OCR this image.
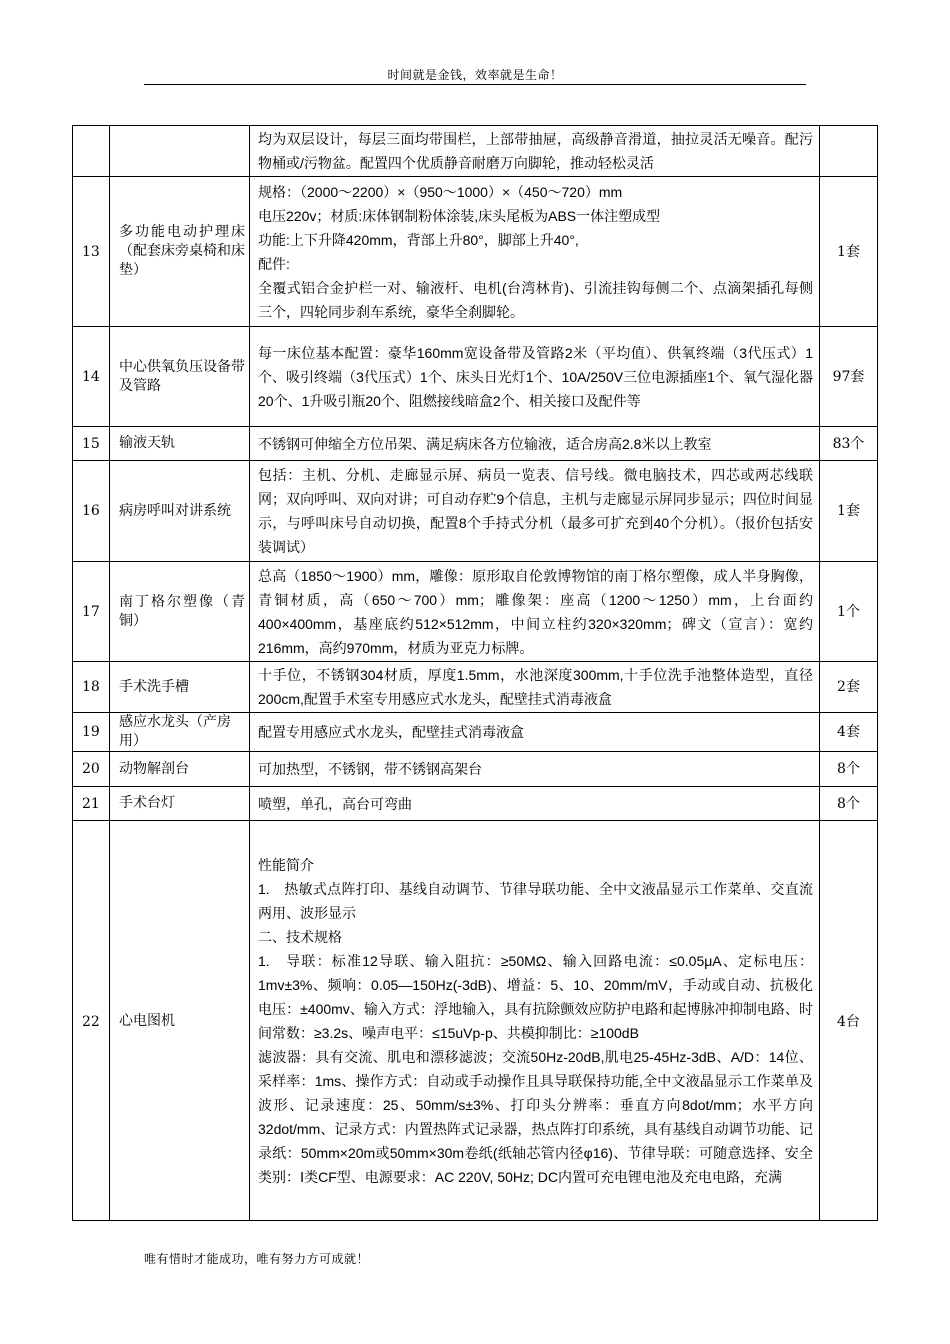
时间就是金钱，效率就是生命！

		均为双层设计，每层三面均带围栏，上部带抽屉，高级静音滑道，抽拉灵活无噪音。配污物桶或/污物盆。配置四个优质静音耐磨万向脚轮，推动轻松灵活	

13	多功能电动护理床（配套床旁桌椅和床垫）	规格：（2000～2200）×（950～1000）×（450～720）mm
电压220v；材质:床体钢制粉体涂装,床头尾板为ABS一体注塑成型
功能:上下升降420mm，背部上升80°，脚部上升40°,
配件:
全覆式铝合金护栏一对、输液杆、电机(台湾林肯)、引流挂钩每侧二个、点滴架插孔每侧三个，四轮同步刹车系统，豪华全刹脚轮。	1套
14	中心供氧负压设备带及管路	每一床位基本配置：豪华160mm宽设备带及管路2米（平均值）、供氧终端（3代压式）1个、吸引终端（3代压式）1个、床头日光灯1个、10A/250V三位电源插座1个、氧气湿化器20个、1升吸引瓶20个、阻燃接线暗盒2个、相关接口及配件等	97套
15	输液天轨	不锈钢可伸缩全方位吊架、满足病床各方位输液，适合房高2.8米以上教室	83个
16	病房呼叫对讲系统	包括：主机、分机、走廊显示屏、病员一览表、信号线。微电脑技术，四芯或两芯线联网；双向呼叫、双向对讲；可自动存贮9个信息，主机与走廊显示屏同步显示；四位时间显示，与呼叫床号自动切换，配置8个手持式分机（最多可扩充到40个分机）。（报价包括安装调试）	1套
17	南丁格尔塑像（青铜）	总高（1850～1900）mm，雕像：原形取自伦敦博物馆的南丁格尔塑像，成人半身胸像，青铜材质，高（650～700）mm；雕像架：座高（1200～1250）mm，上台面约400×400mm，基座底约512×512mm，中间立柱约320×320mm；碑文（宣言）：宽约216mm，高约970mm，材质为亚克力标牌。	1个
18	手术洗手槽	十手位，不锈钢304材质，厚度1.5mm，水池深度300mm,十手位洗手池整体造型，直径200cm,配置手术室专用感应式水龙头，配壁挂式消毒液盒	2套
19	感应水龙头（产房用）	配置专用感应式水龙头，配壁挂式消毒液盒	4套
20	动物解剖台	可加热型，不锈钢，带不锈钢高架台	8个
21	手术台灯	喷塑，单孔，高台可弯曲	8个
22	心电图机	性能简介
1.　热敏式点阵打印、基线自动调节、节律导联功能、全中文液晶显示工作菜单、交直流两用、波形显示
二、技术规格
1.　导联：标准12导联、输入阻抗：≥50MΩ、输入回路电流：≤0.05μA、定标电压：1mv±3%、频响：0.05—150Hz(-3dB)、增益：5、10、20mm/mV，手动或自动、抗极化电压：±400mv、输入方式：浮地输入，具有抗除颤效应防护电路和起博脉冲抑制电路、时间常数：≥3.2s、噪声电平：≤15uVp-p、共模抑制比：≥100dB
滤波器：具有交流、肌电和漂移滤波；交流50Hz-20dB,肌电25-45Hz-3dB、A/D：14位、采样率：1ms、操作方式：自动或手动操作且具导联保持功能,全中文液晶显示工作菜单及波形、记录速度：25、50mm/s±3%、打印头分辨率：垂直方向8dot/mm；水平方向32dot/mm、记录方式：内置热阵式记录器，热点阵打印系统，具有基线自动调节功能、记录纸：50mm×20m或50mm×30m卷纸(纸轴芯管内径φ16)、节律导联：可随意选择、安全类别：Ⅰ类CF型、电源要求：AC 220V, 50Hz; DC内置可充电锂电池及充电电路，充满	4台
唯有惜时才能成功，唯有努力方可成就！
